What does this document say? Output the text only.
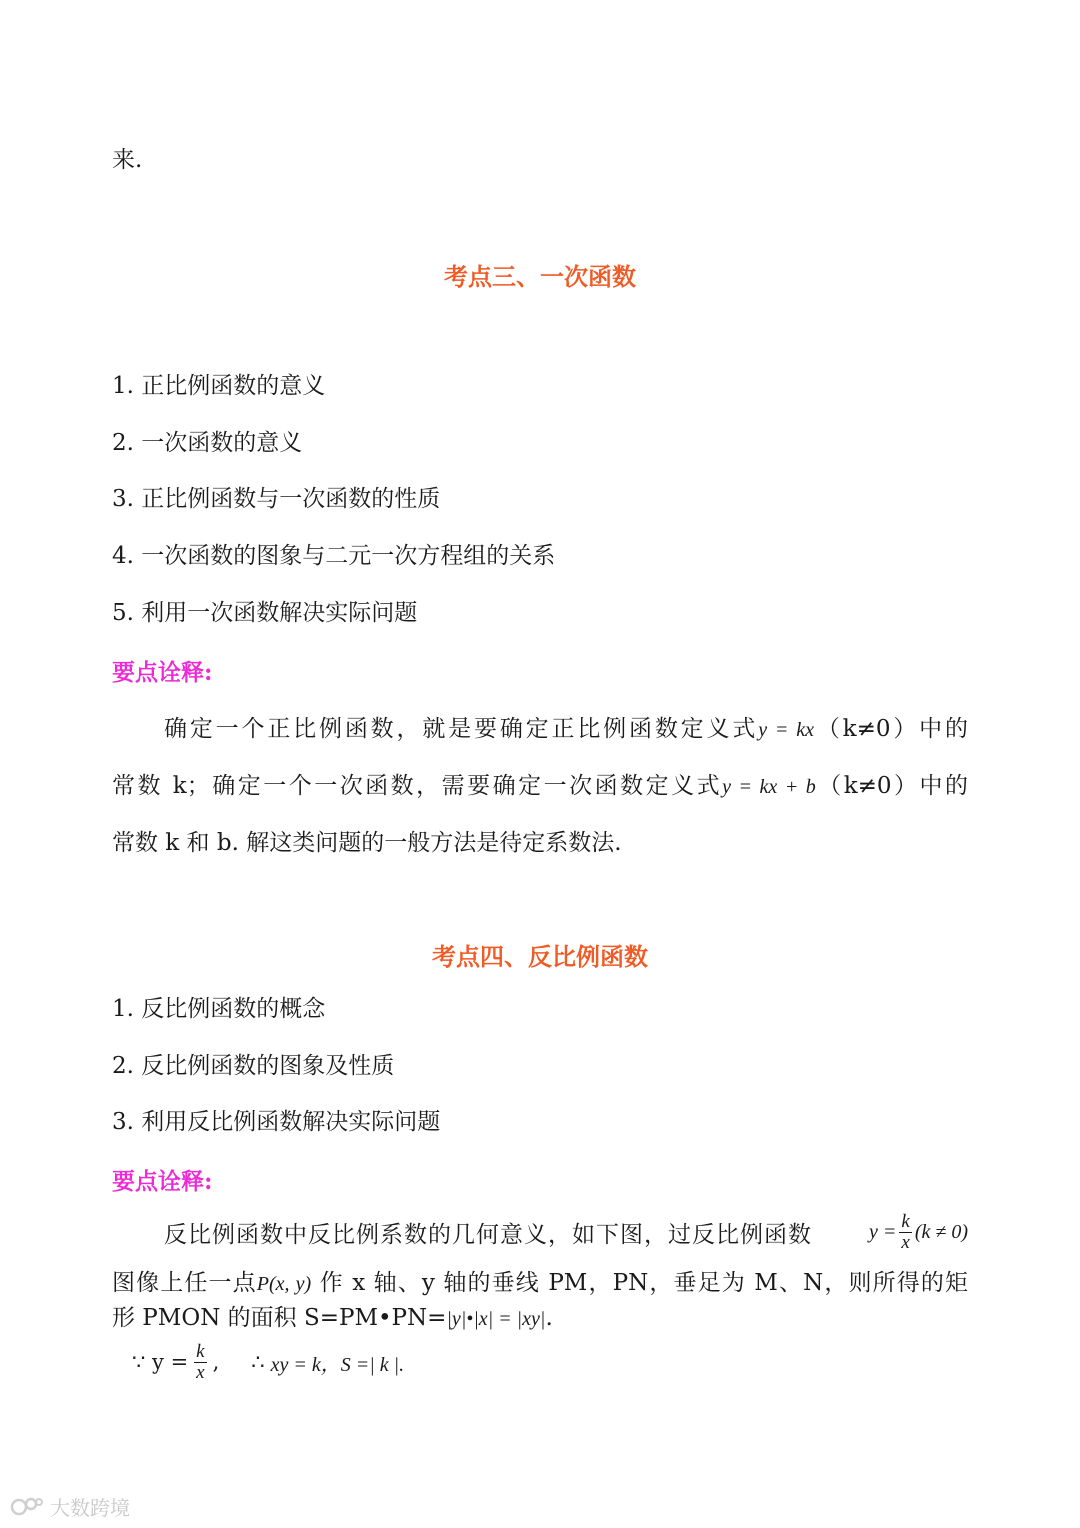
来.
考点三、一次函数
1. 正比例函数的意义
2. 一次函数的意义
3. 正比例函数与一次函数的性质
4. 一次函数的图象与二元一次方程组的关系
5. 利用一次函数解决实际问题
要点诠释:
确定一个正比例函数，就是要确定正比例函数定义式y = kx（k≠0）中的
常数 k；确定一个一次函数，需要确定一次函数定义式y = kx + b（k≠0）中的
常数 k 和 b. 解这类问题的一般方法是待定系数法.
考点四、反比例函数
1. 反比例函数的概念
2. 反比例函数的图象及性质
3. 利用反比例函数解决实际问题
要点诠释:
反比例函数中反比例系数的几何意义，如下图，过反比例函数	$y = \frac{k}{x} (k \ne 0)$
图像上任一点P(x, y) 作 x 轴、y 轴的垂线 PM，PN，垂足为 M、N，则所得的矩
形 PMON 的面积 S=PM•PN=|y|•|x| = |xy|.
∵ $y = \frac{k}{x}$ , ∴ xy = k，S =| k |.
大数跨境
